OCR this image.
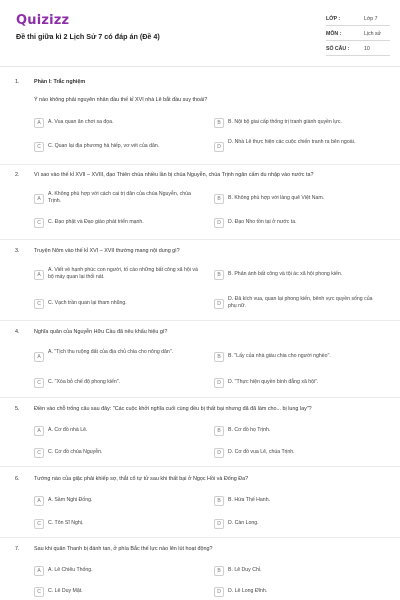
Quizizz
Đề thi giữa kì 2 Lịch Sử 7 có đáp án (Đề 4)
LỚP :	Lớp 7
MÔN :	Lịch sử
SỐ CÂU :	10
1.	Phần I: Trắc nghiệm
Ý nào không phải nguyên nhân đầu thế kỉ XVI nhà Lê bắt đầu suy thoái?
A	A. Vua quan ăn chơi sa đọa.	B	B. Nội bộ giai cấp thống trị tranh giành quyền lực.
C	C. Quan lại địa phương hà hiếp, vơ vét của dân.	D
D. Nhà Lê thực hiện các cuộc chiến tranh ra bên ngoài.
2.	Vì sao vào thế kỉ XVII – XVIII, đạo Thiên chúa nhiều lần bị chúa Nguyễn, chúa Trịnh ngăn cấm du nhập vào nước ta?
A
A. Không phù hợp với cách cai trị dân của chúa Nguyễn, chúa Trịnh.	B	B. Không phù hợp với làng quê Việt Nam.
C	C. Đạo phật và Đạo giáo phát triển mạnh.	D	D. Đạo Nho tồn tại ở nước ta.
3.	Truyện Nôm vào thế kỉ XVI – XVII thường mang nội dung gì?
A
A. Viết về hạnh phúc con người, tố cáo những bất công xã hội và bộ máy quan lại thối nát.	B	B. Phản ánh bất công và tội ác xã hội phong kiến.
C	C. Vạch trần quan lại tham nhũng.	D
D. Đả kích vua, quan lại phong kiến, bênh vực quyền sống của phụ nữ.
4.	Nghĩa quân của Nguyễn Hữu Cầu đã nêu khẩu hiệu gì?
A
A. "Tịch thu ruộng đất của địa chủ chia cho nông dân".
B	B. "Lấy của nhà giàu chia cho người nghèo".
C	C. "Xóa bỏ chế độ phong kiến".	D	D. "Thực hiện quyền bình đẳng xã hội".
5.	Điền vào chỗ trống câu sau đây: "Các cuộc khởi nghĩa cuối cùng đều bị thất bại nhưng đã đã làm cho... bị lung lay"?
A	A. Cơ đồ nhà Lê.	B	B. Cơ đồ họ Trịnh.
C	C. Cơ đồ chúa Nguyễn.	D	D. Cơ đồ vua Lê, chúa Trịnh.
6.	Tướng nào của giặc phải khiếp sợ, thắt cổ tự tử sau khi thất bại ở Ngọc Hồi và Đống Đa?
A	A. Sầm Nghi Đống.	B	B. Hứa Thế Hanh.
C	C. Tôn Sĩ Nghị.	D	D. Càn Long.
7.	Sau khi quân Thanh bị đánh tan, ở phía Bắc thế lực nào lên lút hoạt động?
A	A. Lê Chiêu Thống.	B	B. Lê Duy Chỉ.
C	C. Lê Duy Mật.	D	D. Lê Long Đĩnh.
